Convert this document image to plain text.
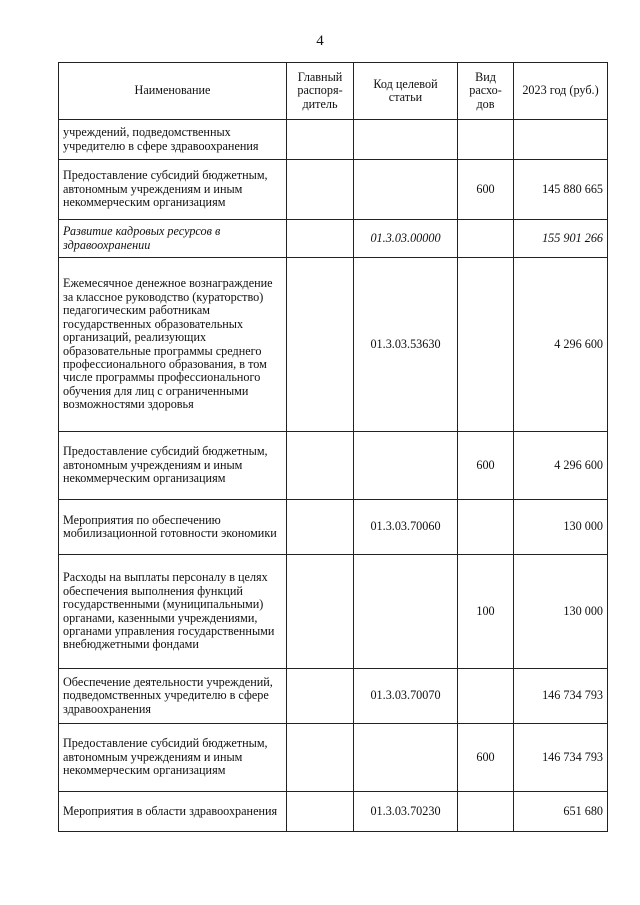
4
Наименование	Главный распоря-дитель	Код целевой статьи	Вид расхо-дов	2023 год (руб.)
учреждений, подведомственных учредителю в сфере здравоохранения				
Предоставление субсидий бюджетным, автономным учреждениям и иным некоммерческим организациям			600	145 880 665
Развитие кадровых ресурсов в здравоохранении		01.3.03.00000		155 901 266
Ежемесячное денежное вознаграждение за классное руководство (кураторство) педагогическим работникам государственных образовательных организаций, реализующих образовательные программы среднего профессионального образования, в том числе программы профессионального обучения для лиц с ограниченными возможностями здоровья		01.3.03.53630		4 296 600
Предоставление субсидий бюджетным, автономным учреждениям и иным некоммерческим организациям			600	4 296 600
Мероприятия по обеспечению мобилизационной готовности экономики		01.3.03.70060		130 000
Расходы на выплаты персоналу в целях обеспечения выполнения функций государственными (муниципальными) органами, казенными учреждениями, органами управления государственными внебюджетными фондами			100	130 000
Обеспечение деятельности учреждений, подведомственных учредителю в сфере здравоохранения		01.3.03.70070		146 734 793
Предоставление субсидий бюджетным, автономным учреждениям и иным некоммерческим организациям			600	146 734 793
Мероприятия в области здравоохранения		01.3.03.70230		651 680
